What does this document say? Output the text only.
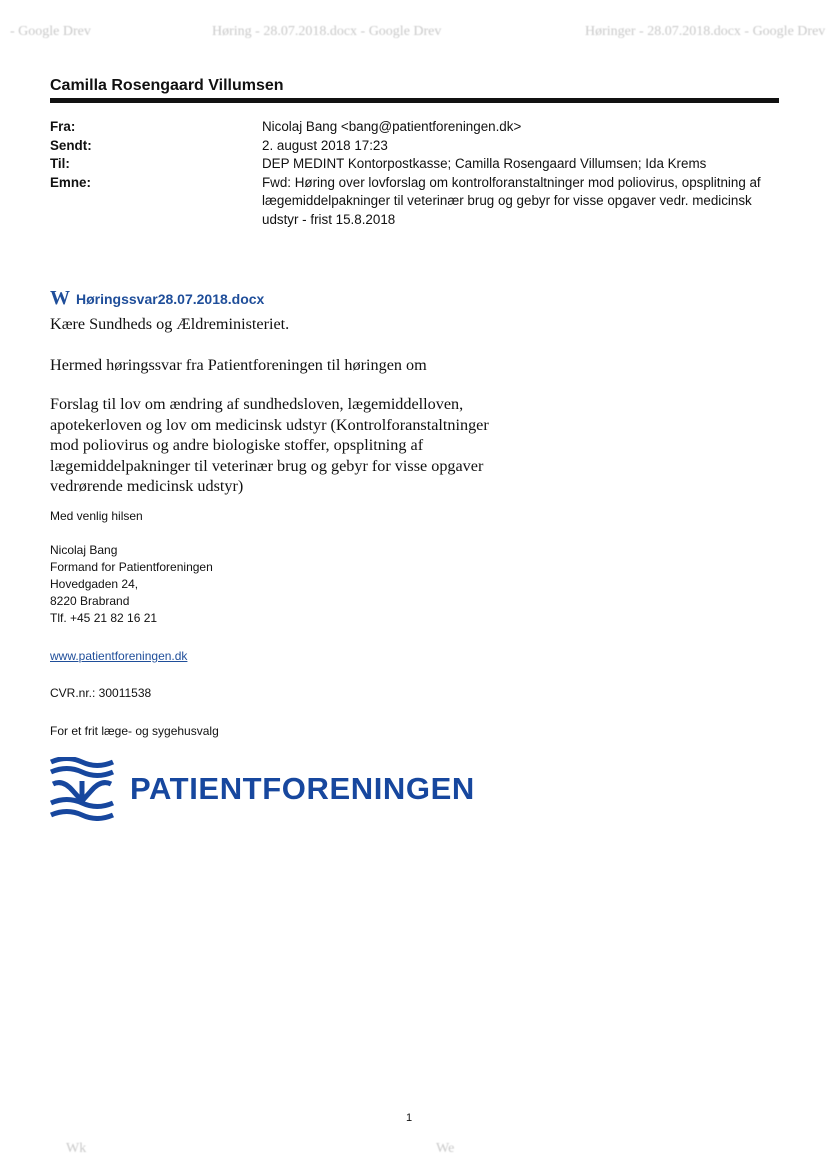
- Google Drev	Høring - 28.07.2018.docx - Google Drev	Høringer - 28.07.2018.docx - Google Drev
Wk	We
Camilla Rosengaard Villumsen
Fra:	Nicolaj Bang <bang@patientforeningen.dk>
Sendt:	2. august 2018 17:23
Til:	DEP MEDINT Kontorpostkasse; Camilla Rosengaard Villumsen; Ida Krems
Emne:	Fwd: Høring over lovforslag om kontrolforanstaltninger mod poliovirus, opsplitning af lægemiddelpakninger til veterinær brug og gebyr for visse opgaver vedr. medicinsk udstyr - frist 15.8.2018
W Høringssvar28.07.2018.docx

Kære Sundheds og Ældreministeriet.

Hermed høringssvar fra Patientforeningen til høringen om

Forslag til lov om ændring af sundhedsloven, lægemiddelloven, apotekerloven og lov om medicinsk udstyr (Kontrolforanstaltninger mod poliovirus og andre biologiske stoffer, opsplitning af lægemiddelpakninger til veterinær brug og gebyr for visse opgaver vedrørende medicinsk udstyr)

Med venlig hilsen
Nicolaj Bang
Formand for Patientforeningen
Hovedgaden 24,
8220 Brabrand
Tlf. +45 21 82 16 21
www.patientforeningen.dk
CVR.nr.: 30011538
For et frit læge- og sygehusvalg
PATIENTFORENINGEN
1
